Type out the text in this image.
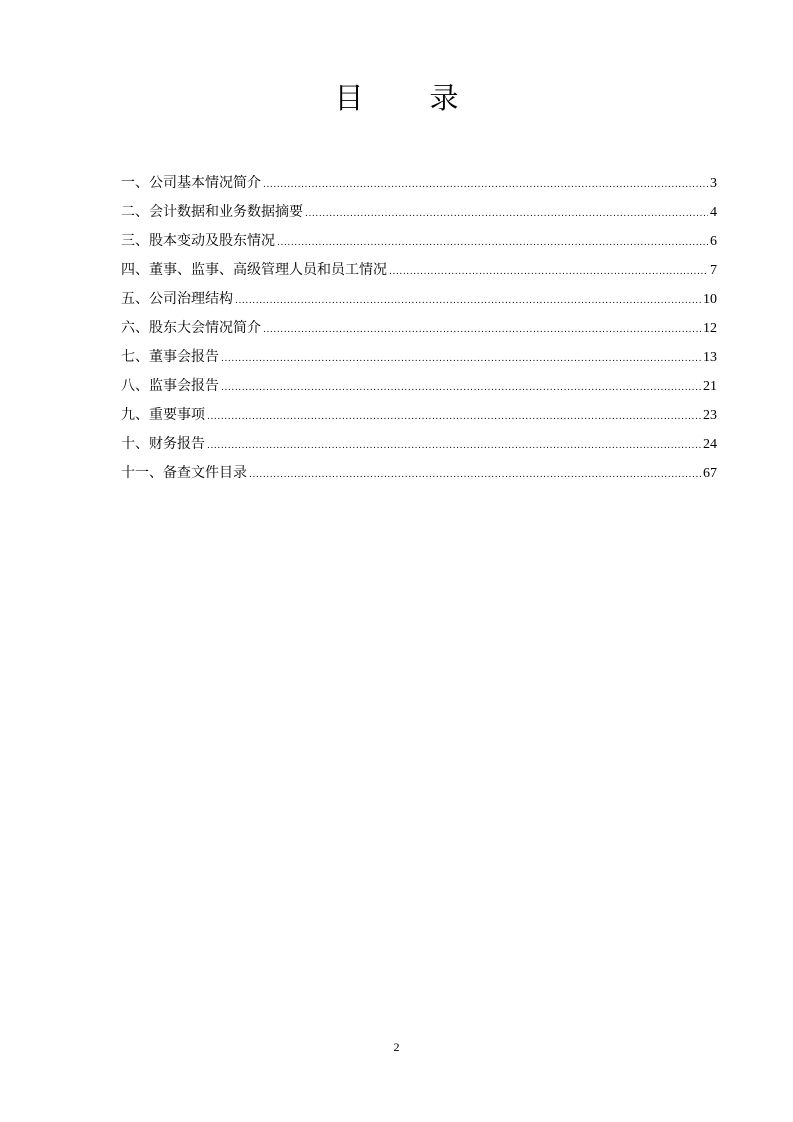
目 录
一、公司基本情况简介 .....	3
二、会计数据和业务数据摘要 .....	4
三、股本变动及股东情况 .....	6
四、董事、监事、高级管理人员和员工情况 .....	7
五、公司治理结构 .....	10
六、股东大会情况简介 .....	12
七、董事会报告 .....	13
八、监事会报告 .....	21
九、重要事项 .....	23
十、财务报告 .....	24
十一、备查文件目录 .....	67
2
